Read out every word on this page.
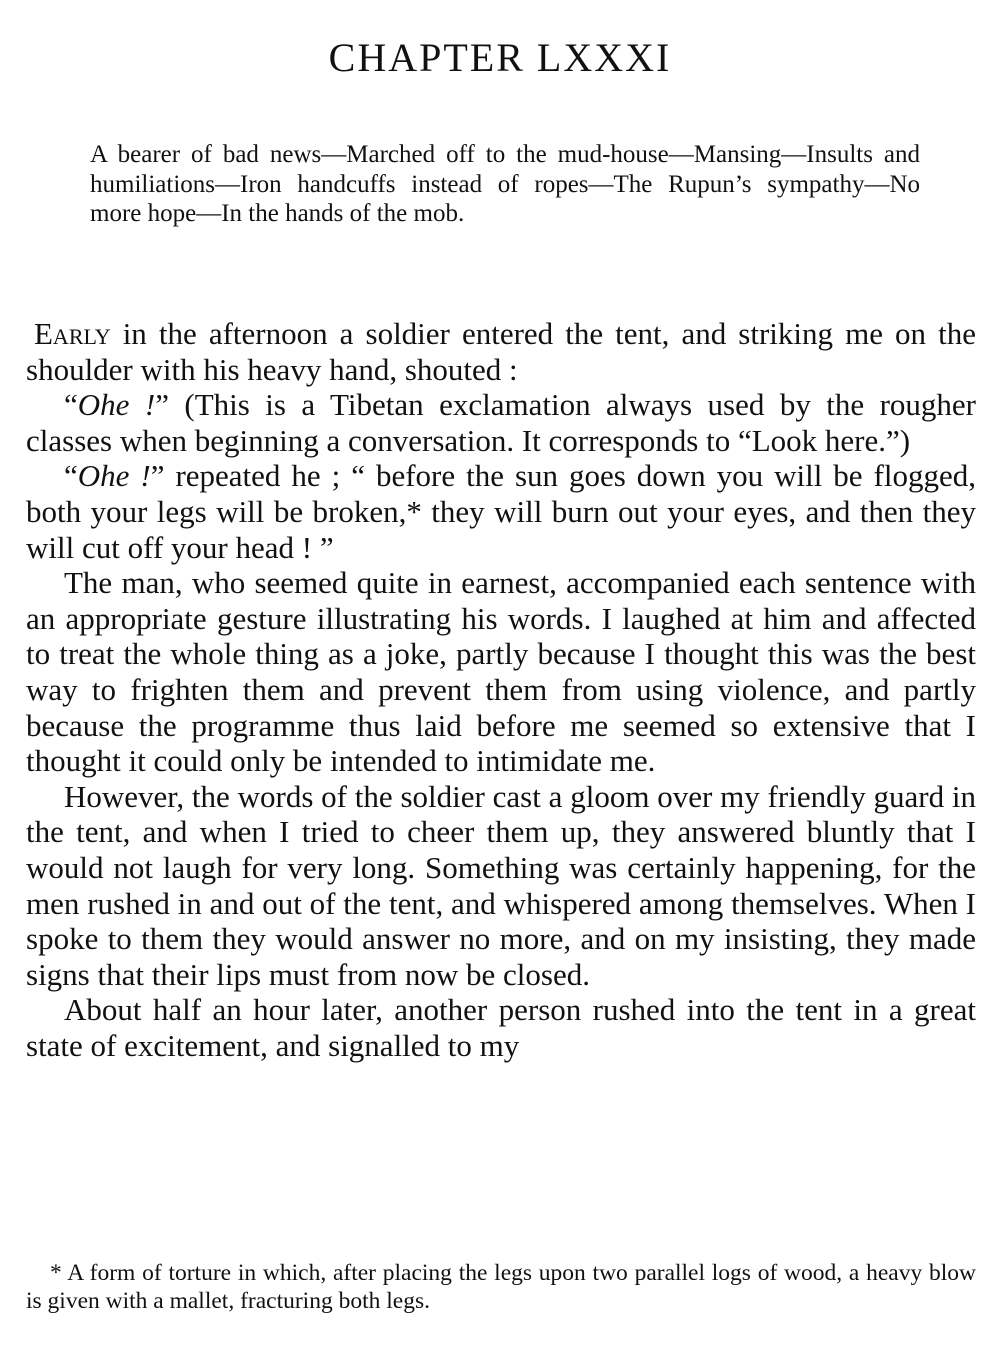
CHAPTER LXXXI

A bearer of bad news—Marched off to the mud-house—Mansing—Insults and humiliations—Iron handcuffs instead of ropes—The Rupun’s sympathy—No more hope—In the hands of the mob.

Early in the afternoon a soldier entered the tent, and striking me on the shoulder with his heavy hand, shouted :

“Ohe !” (This is a Tibetan exclamation always used by the rougher classes when beginning a conversation. It corresponds to “Look here.”)

“Ohe !” repeated he ; “ before the sun goes down you will be flogged, both your legs will be broken,* they will burn out your eyes, and then they will cut off your head ! ”

The man, who seemed quite in earnest, accompanied each sentence with an appropriate gesture illustrating his words. I laughed at him and affected to treat the whole thing as a joke, partly because I thought this was the best way to frighten them and prevent them from using violence, and partly because the programme thus laid before me seemed so extensive that I thought it could only be intended to intimidate me.

However, the words of the soldier cast a gloom over my friendly guard in the tent, and when I tried to cheer them up, they answered bluntly that I would not laugh for very long. Something was certainly happening, for the men rushed in and out of the tent, and whispered among themselves. When I spoke to them they would answer no more, and on my insisting, they made signs that their lips must from now be closed.

About half an hour later, another person rushed into the tent in a great state of excitement, and signalled to my

* A form of torture in which, after placing the legs upon two parallel logs of wood, a heavy blow is given with a mallet, fracturing both legs.
